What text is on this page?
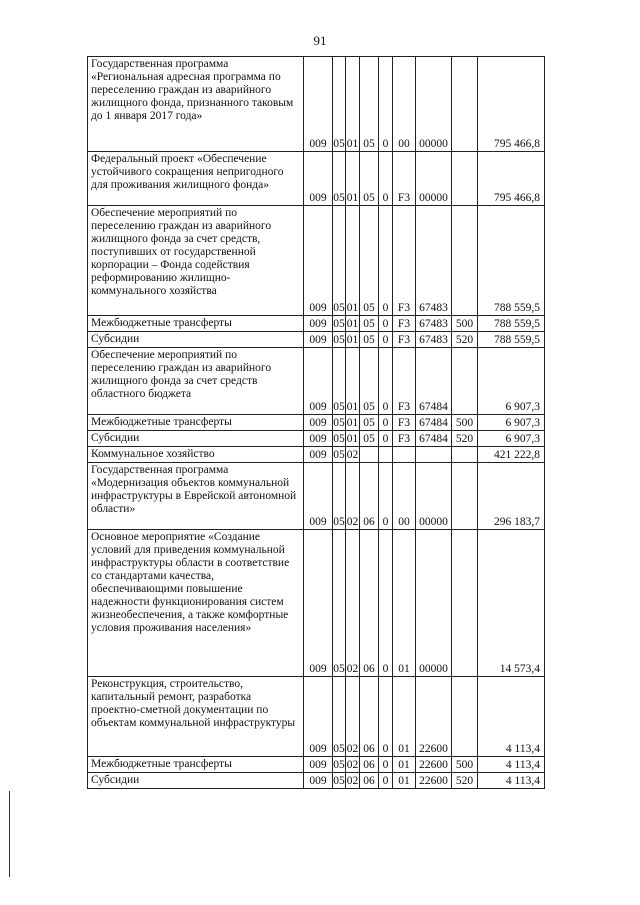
91
Государственная программа «Региональная адресная программа по переселению граждан из аварийного жилищного фонда, признанного таковым до 1 января 2017 года»	009	05	01	05	0	00	00000		795 466,8
Федеральный проект «Обеспечение устойчивого сокращения непригодного для проживания жилищного фонда»	009	05	01	05	0	F3	00000		795 466,8
Обеспечение мероприятий по переселению граждан из аварийного жилищного фонда за счет средств, поступивших от государственной корпорации – Фонда содействия реформированию жилищно-коммунального хозяйства	009	05	01	05	0	F3	67483		788 559,5
Межбюджетные трансферты	009	05	01	05	0	F3	67483	500	788 559,5
Субсидии	009	05	01	05	0	F3	67483	520	788 559,5
Обеспечение мероприятий по переселению граждан из аварийного жилищного фонда за счет средств областного бюджета	009	05	01	05	0	F3	67484		6 907,3
Межбюджетные трансферты	009	05	01	05	0	F3	67484	500	6 907,3
Субсидии	009	05	01	05	0	F3	67484	520	6 907,3
Коммунальное хозяйство	009	05	02						421 222,8
Государственная программа «Модернизация объектов коммунальной инфраструктуры в Еврейской автономной области»	009	05	02	06	0	00	00000		296 183,7
Основное мероприятие «Создание условий для приведения коммунальной инфраструктуры области в соответствие со стандартами качества, обеспечивающими повышение надежности функционирования систем жизнеобеспечения, а также комфортные условия проживания населения»	009	05	02	06	0	01	00000		14 573,4
Реконструкция, строительство, капитальный ремонт, разработка проектно-сметной документации по объектам коммунальной инфраструктуры	009	05	02	06	0	01	22600		4 113,4
Межбюджетные трансферты	009	05	02	06	0	01	22600	500	4 113,4
Субсидии	009	05	02	06	0	01	22600	520	4 113,4
